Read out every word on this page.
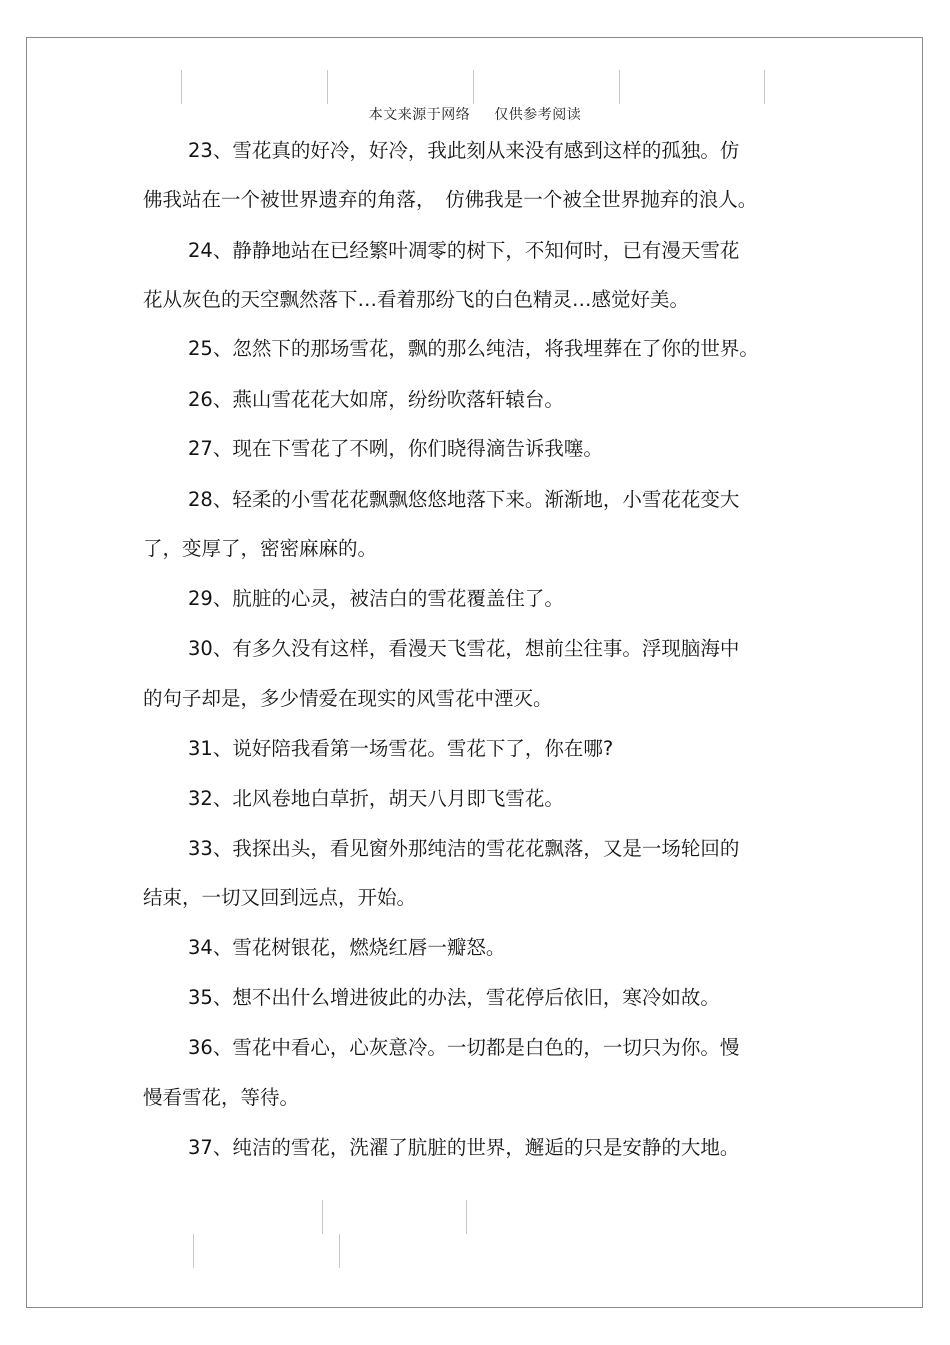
本文来源于网络 仅供参考阅读
23、雪花真的好冷，好冷，我此刻从来没有感到这样的孤独。仿
佛我站在一个被世界遗弃的角落，　仿佛我是一个被全世界抛弃的浪人。
24、静静地站在已经繁叶凋零的树下，不知何时，已有漫天雪花
花从灰色的天空飘然落下…看着那纷飞的白色精灵…感觉好美。
25、忽然下的那场雪花，飘的那么纯洁，将我埋葬在了你的世界。
26、燕山雪花花大如席，纷纷吹落轩辕台。
27、现在下雪花了不咧，你们晓得滴告诉我噻。
28、轻柔的小雪花花飘飘悠悠地落下来。渐渐地，小雪花花变大
了，变厚了，密密麻麻的。
29、肮脏的心灵，被洁白的雪花覆盖住了。
30、有多久没有这样，看漫天飞雪花，想前尘往事。浮现脑海中
的句子却是，多少情爱在现实的风雪花中湮灭。
31、说好陪我看第一场雪花。雪花下了，你在哪?
32、北风卷地白草折，胡天八月即飞雪花。
33、我探出头，看见窗外那纯洁的雪花花飘落，又是一场轮回的
结束，一切又回到远点，开始。
34、雪花树银花，燃烧红唇一瓣怒。
35、想不出什么增进彼此的办法，雪花停后依旧，寒冷如故。
36、雪花中看心，心灰意冷。一切都是白色的，一切只为你。慢
慢看雪花，等待。
37、纯洁的雪花，洗濯了肮脏的世界，邂逅的只是安静的大地。
